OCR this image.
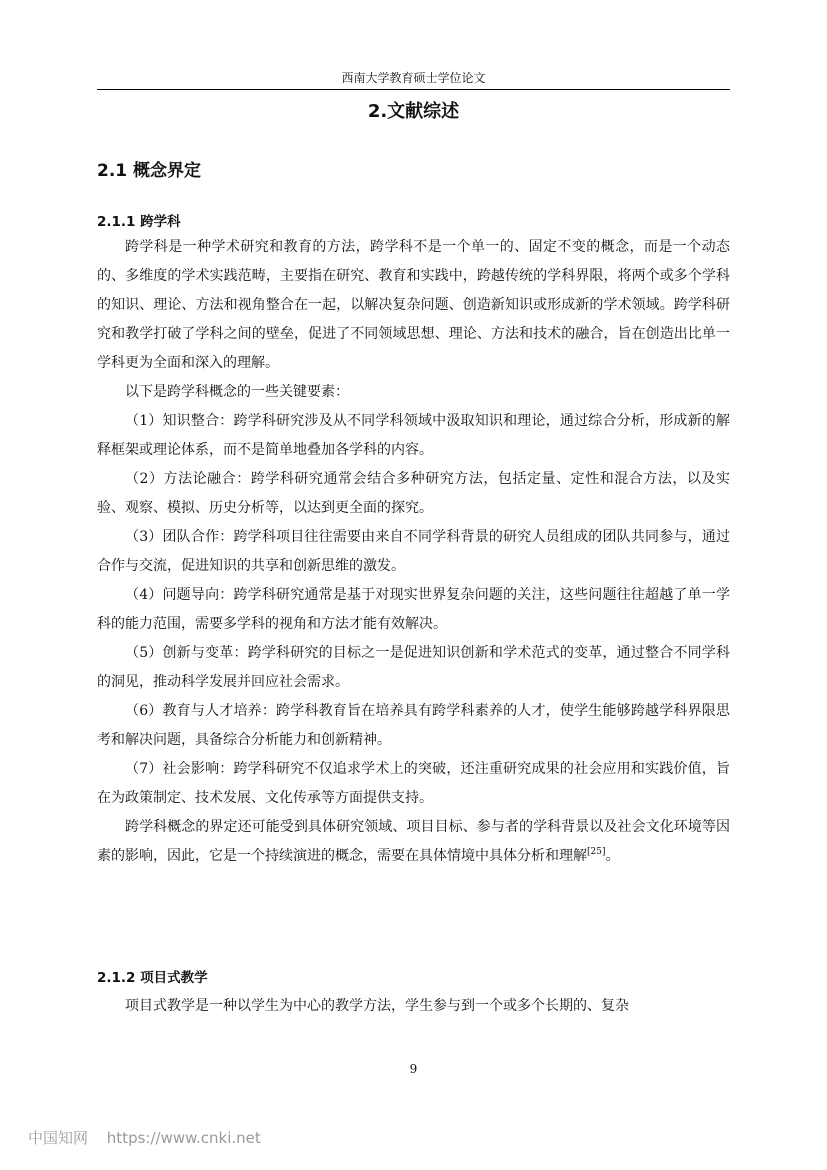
西南大学教育硕士学位论文
2.文献综述
2.1 概念界定
2.1.1 跨学科

跨学科是一种学术研究和教育的方法，跨学科不是一个单一的、固定不变的概念，而是一个动态的、多维度的学术实践范畴，主要指在研究、教育和实践中，跨越传统的学科界限，将两个或多个学科的知识、理论、方法和视角整合在一起，以解决复杂问题、创造新知识或形成新的学术领域。跨学科研究和教学打破了学科之间的壁垒，促进了不同领域思想、理论、方法和技术的融合，旨在创造出比单一学科更为全面和深入的理解。

以下是跨学科概念的一些关键要素：

（1）知识整合：跨学科研究涉及从不同学科领域中汲取知识和理论，通过综合分析，形成新的解释框架或理论体系，而不是简单地叠加各学科的内容。

（2）方法论融合：跨学科研究通常会结合多种研究方法，包括定量、定性和混合方法，以及实验、观察、模拟、历史分析等，以达到更全面的探究。

（3）团队合作：跨学科项目往往需要由来自不同学科背景的研究人员组成的团队共同参与，通过合作与交流，促进知识的共享和创新思维的激发。

（4）问题导向：跨学科研究通常是基于对现实世界复杂问题的关注，这些问题往往超越了单一学科的能力范围，需要多学科的视角和方法才能有效解决。

（5）创新与变革：跨学科研究的目标之一是促进知识创新和学术范式的变革，通过整合不同学科的洞见，推动科学发展并回应社会需求。

（6）教育与人才培养：跨学科教育旨在培养具有跨学科素养的人才，使学生能够跨越学科界限思考和解决问题，具备综合分析能力和创新精神。

（7）社会影响：跨学科研究不仅追求学术上的突破，还注重研究成果的社会应用和实践价值，旨在为政策制定、技术发展、文化传承等方面提供支持。

跨学科概念的界定还可能受到具体研究领域、项目目标、参与者的学科背景以及社会文化环境等因素的影响，因此，它是一个持续演进的概念，需要在具体情境中具体分析和理解[25]。

2.1.2 项目式教学

项目式教学是一种以学生为中心的教学方法，学生参与到一个或多个长期的、复杂

9
中国知网 https://www.cnki.net
